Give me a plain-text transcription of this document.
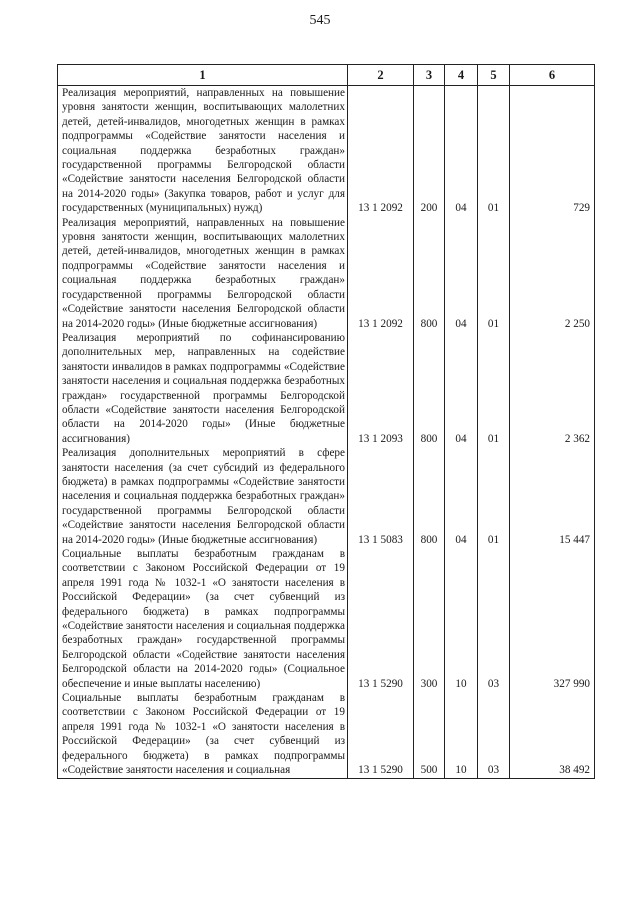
545
1	2	3	4	5	6
Реализация мероприятий, направленных на повышение уровня занятости женщин, воспитывающих малолетних детей, детей-инвалидов, многодетных женщин в рамках подпрограммы «Содействие занятости населения и социальная поддержка безработных граждан» государственной программы Белгородской области «Содействие занятости населения Белгородской области на 2014-2020 годы» (Закупка товаров, работ и услуг для государственных (муниципальных) нужд)	13 1 2092	200	04	01	729
Реализация мероприятий, направленных на повышение уровня занятости женщин, воспитывающих малолетних детей, детей-инвалидов, многодетных женщин в рамках подпрограммы «Содействие занятости населения и социальная поддержка безработных граждан» государственной программы Белгородской области «Содействие занятости населения Белгородской области на 2014-2020 годы» (Иные бюджетные ассигнования)	13 1 2092	800	04	01	2 250
Реализация мероприятий по софинансированию дополнительных мер, направленных на содействие занятости инвалидов в рамках подпрограммы «Содействие занятости населения и социальная поддержка безработных граждан» государственной программы Белгородской области «Содействие занятости населения Белгородской области на 2014-2020 годы» (Иные бюджетные ассигнования)	13 1 2093	800	04	01	2 362
Реализация дополнительных мероприятий в сфере занятости населения (за счет субсидий из федерального бюджета) в рамках подпрограммы «Содействие занятости населения и социальная поддержка безработных граждан» государственной программы Белгородской области «Содействие занятости населения Белгородской области на 2014-2020 годы» (Иные бюджетные ассигнования)	13 1 5083	800	04	01	15 447
Социальные выплаты безработным гражданам в соответствии с Законом Российской Федерации от 19 апреля 1991 года № 1032-1 «О занятости населения в Российской Федерации» (за счет субвенций из федерального бюджета) в рамках подпрограммы «Содействие занятости населения и социальная поддержка безработных граждан» государственной программы Белгородской области «Содействие занятости населения Белгородской области на 2014-2020 годы» (Социальное обеспечение и иные выплаты населению)	13 1 5290	300	10	03	327 990
Социальные выплаты безработным гражданам в соответствии с Законом Российской Федерации от 19 апреля 1991 года № 1032-1 «О занятости населения в Российской Федерации» (за счет субвенций из федерального бюджета) в рамках подпрограммы «Содействие занятости населения и социальная	13 1 5290	500	10	03	38 492
